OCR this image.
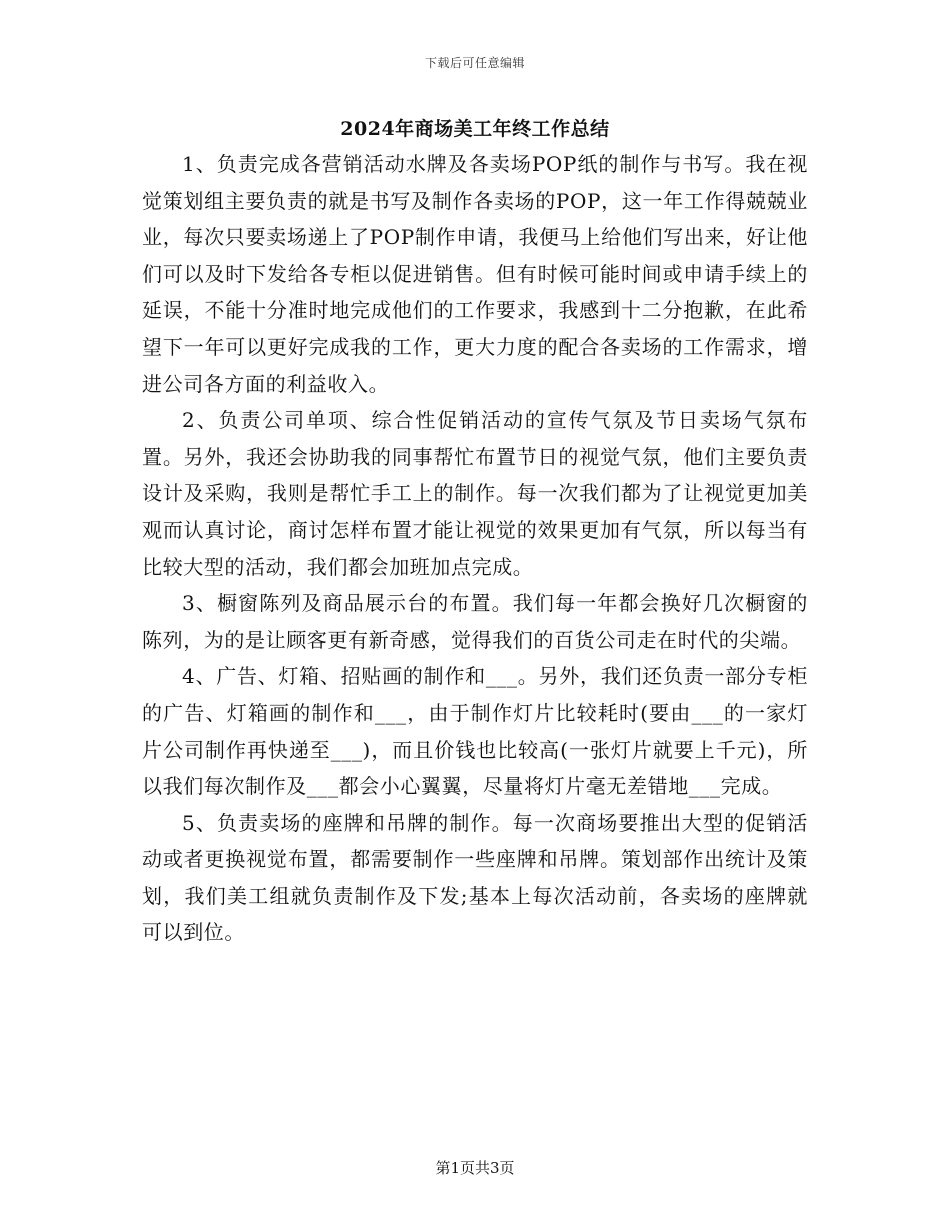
下载后可任意编辑
2024年商场美工年终工作总结

1、负责完成各营销活动水牌及各卖场POP纸的制作与书写。我在视觉策划组主要负责的就是书写及制作各卖场的POP，这一年工作得兢兢业业，每次只要卖场递上了POP制作申请，我便马上给他们写出来，好让他们可以及时下发给各专柜以促进销售。但有时候可能时间或申请手续上的延误，不能十分准时地完成他们的工作要求，我感到十二分抱歉，在此希望下一年可以更好完成我的工作，更大力度的配合各卖场的工作需求，增进公司各方面的利益收入。

2、负责公司单项、综合性促销活动的宣传气氛及节日卖场气氛布置。另外，我还会协助我的同事帮忙布置节日的视觉气氛，他们主要负责设计及采购，我则是帮忙手工上的制作。每一次我们都为了让视觉更加美观而认真讨论，商讨怎样布置才能让视觉的效果更加有气氛，所以每当有比较大型的活动，我们都会加班加点完成。

3、橱窗陈列及商品展示台的布置。我们每一年都会换好几次橱窗的陈列，为的是让顾客更有新奇感，觉得我们的百货公司走在时代的尖端。

4、广告、灯箱、招贴画的制作和___。另外，我们还负责一部分专柜的广告、灯箱画的制作和___，由于制作灯片比较耗时(要由___的一家灯片公司制作再快递至___)，而且价钱也比较高(一张灯片就要上千元)，所以我们每次制作及___都会小心翼翼，尽量将灯片毫无差错地___完成。

5、负责卖场的座牌和吊牌的制作。每一次商场要推出大型的促销活动或者更换视觉布置，都需要制作一些座牌和吊牌。策划部作出统计及策划，我们美工组就负责制作及下发;基本上每次活动前，各卖场的座牌就可以到位。

第1页共3页
